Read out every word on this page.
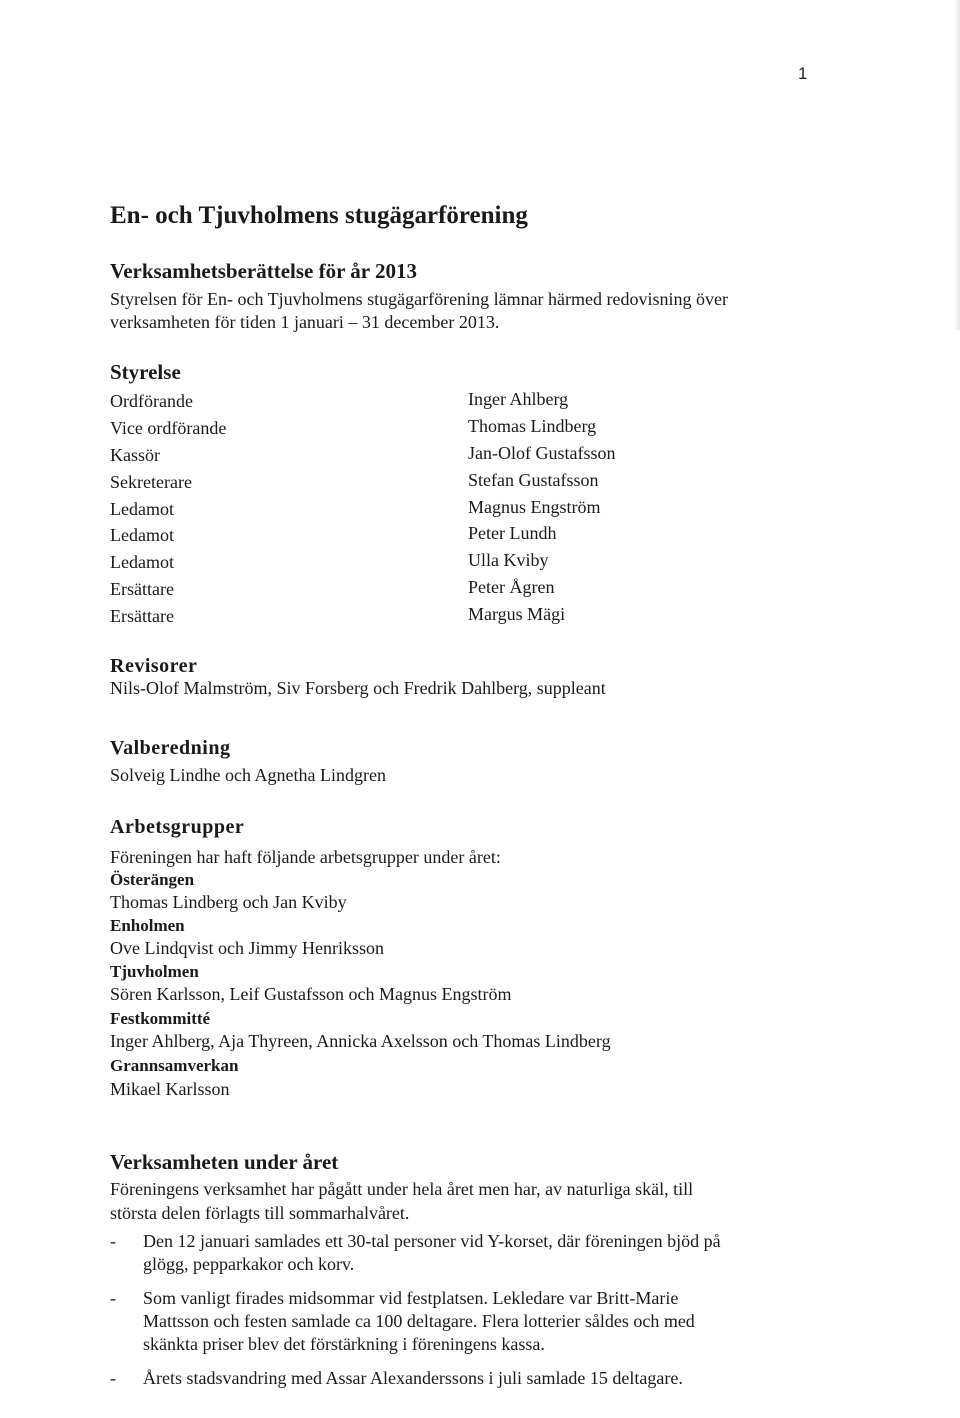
1
En- och Tjuvholmens stugägarförening
Verksamhetsberättelse för år 2013
Styrelsen för En- och Tjuvholmens stugägarförening lämnar härmed redovisning över
verksamheten för tiden 1 januari – 31 december 2013.
Styrelse
Ordförande
Vice ordförande
Kassör
Sekreterare
Ledamot
Ledamot
Ledamot
Ersättare
Ersättare
Inger Ahlberg
Thomas Lindberg
Jan-Olof Gustafsson
Stefan Gustafsson
Magnus Engström
Peter Lundh
Ulla Kviby
Peter Ågren
Margus Mägi
Revisorer
Nils-Olof Malmström, Siv Forsberg och Fredrik Dahlberg, suppleant
Valberedning
Solveig Lindhe och Agnetha Lindgren
Arbetsgrupper
Föreningen har haft följande arbetsgrupper under året:
Österängen
Thomas Lindberg och Jan Kviby
Enholmen
Ove Lindqvist och Jimmy Henriksson
Tjuvholmen
Sören Karlsson, Leif Gustafsson och Magnus Engström
Festkommitté
Inger Ahlberg, Aja Thyreen, Annicka Axelsson och Thomas Lindberg
Grannsamverkan
Mikael Karlsson
Verksamheten under året
Föreningens verksamhet har pågått under hela året men har, av naturliga skäl, till
största delen förlagts till sommarhalvåret.
- Den 12 januari samlades ett 30-tal personer vid Y-korset, där föreningen bjöd på
glögg, pepparkakor och korv.
- Som vanligt firades midsommar vid festplatsen. Lekledare var Britt-Marie
Mattsson och festen samlade ca 100 deltagare. Flera lotterier såldes och med
skänkta priser blev det förstärkning i föreningens kassa.
- Årets stadsvandring med Assar Alexanderssons i juli samlade 15 deltagare.
